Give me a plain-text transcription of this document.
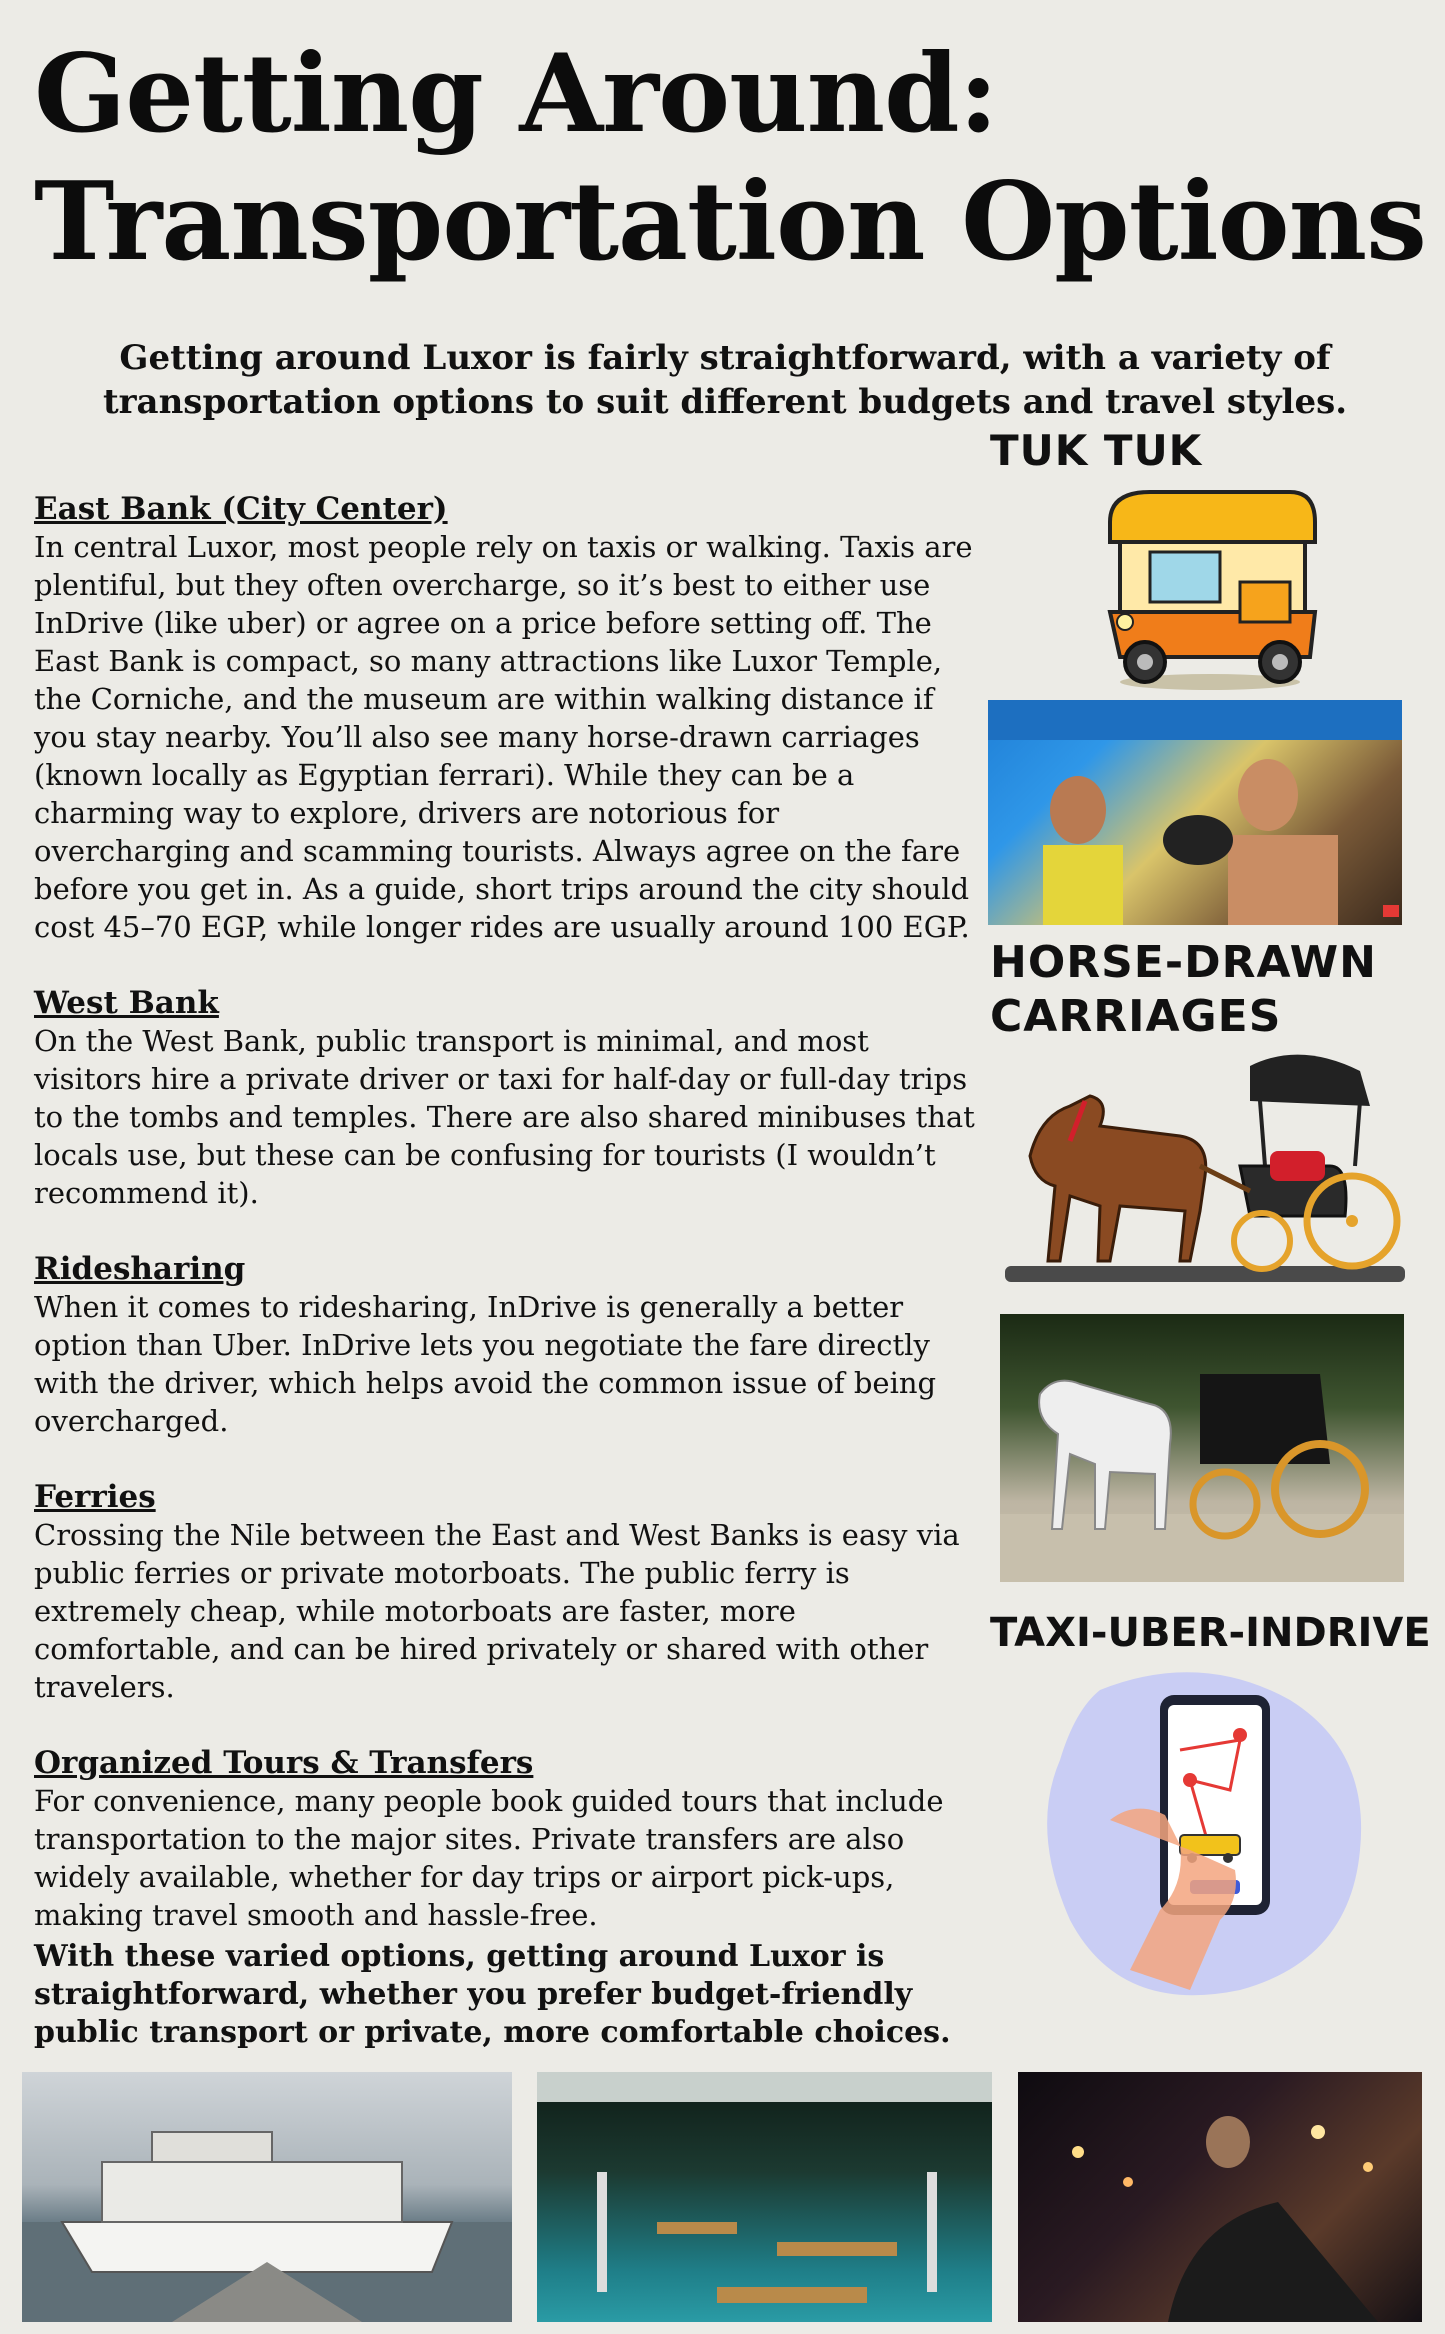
Getting Around:
Transportation Options
Getting around Luxor is fairly straightforward, with a variety of transportation options to suit different budgets and travel styles.
East Bank (City Center)
In central Luxor, most people rely on taxis or walking. Taxis are plentiful, but they often overcharge, so it’s best to either use InDrive (like uber) or agree on a price before setting off. The East Bank is compact, so many attractions like Luxor Temple, the Corniche, and the museum are within walking distance if you stay nearby. You’ll also see many horse-drawn carriages (known locally as Egyptian ferrari). While they can be a charming way to explore, drivers are notorious for overcharging and scamming tourists. Always agree on the fare before you get in. As a guide, short trips around the city should cost 45–70 EGP, while longer rides are usually around 100 EGP.
West Bank
On the West Bank, public transport is minimal, and most visitors hire a private driver or taxi for half-day or full-day trips to the tombs and temples. There are also shared minibuses that locals use, but these can be confusing for tourists (I wouldn’t recommend it).
Ridesharing
When it comes to ridesharing, InDrive is generally a better option than Uber. InDrive lets you negotiate the fare directly with the driver, which helps avoid the common issue of being overcharged.
Ferries
Crossing the Nile between the East and West Banks is easy via public ferries or private motorboats. The public ferry is extremely cheap, while motorboats are faster, more comfortable, and can be hired privately or shared with other travelers.
Organized Tours & Transfers
For convenience, many people book guided tours that include transportation to the major sites. Private transfers are also widely available, whether for day trips or airport pick-ups, making travel smooth and hassle-free.
With these varied options, getting around Luxor is straightforward, whether you prefer budget-friendly public transport or private, more comfortable choices.
TUK TUK
HORSE-DRAWN
CARRIAGES
TAXI-UBER-INDRIVE
